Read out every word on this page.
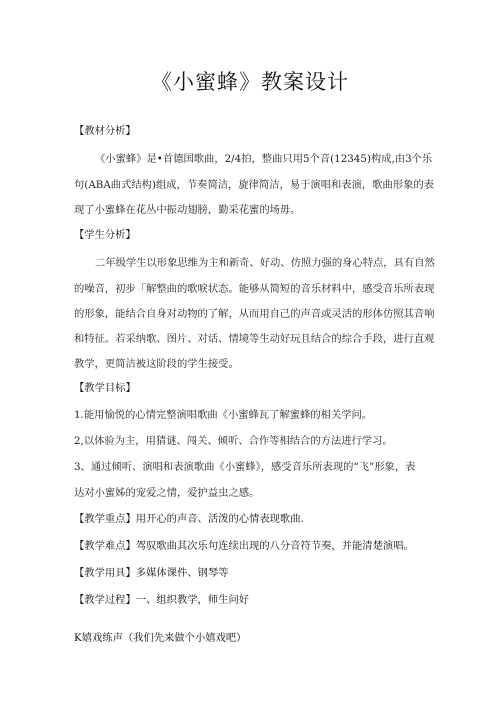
《小蜜蜂》教案设计
【教材分析】
《小蜜蜂》是•首德国歌曲，2/4拍，整曲只用5个音(12345)构成,由3个乐
句(ABA曲式结构)组成，节奏简洁，旋律简洁，易于演唱和表演，歌曲形象的表
现了小蜜蜂在花丛中振动翅膀，勤采花蜜的场毋。
【学生分析】
二年级学生以形象思维为主和新奇、好动、仿照力强的身心特点，具有自然
的噪音，初步「解整曲的歌唳状态。能够从简短的音乐材料中，感受音乐所表现
的形象，能结合自身对动物的了解，从而用自己的声音或灵活的形体仿照其音响
和特征。若采纳歌、图片、对话、情境等生动好玩且结合的综合手段，进行直观
教学，更简洁被这阶段的学生接受。
【教学目标】
1.能用愉悦的心情完整演唱歌曲《小蜜蜂瓦了解蜜蜂的相关学问。
2,以体验为主，用猜谜、闯关、倾听、合作等相结合的方法进行学习。
3、通过倾听、演唱和表演歌曲《小蜜蜂》，感受音乐所表现的“飞”形象，表
达对小蜜姊的宠爱之情，爱护益虫之感。
【教学重点】用开心的声音、活泼的心情表现歌曲.
【教学难点】驾驭歌曲其次乐句连续出现的八分音符节奏，并能清楚演唱。
【教学用具】多媒体课件、钢琴等
【教学过程】一、组织教学，师生问好
K嬉戏练声（我们先来做个小嬉戏吧）
